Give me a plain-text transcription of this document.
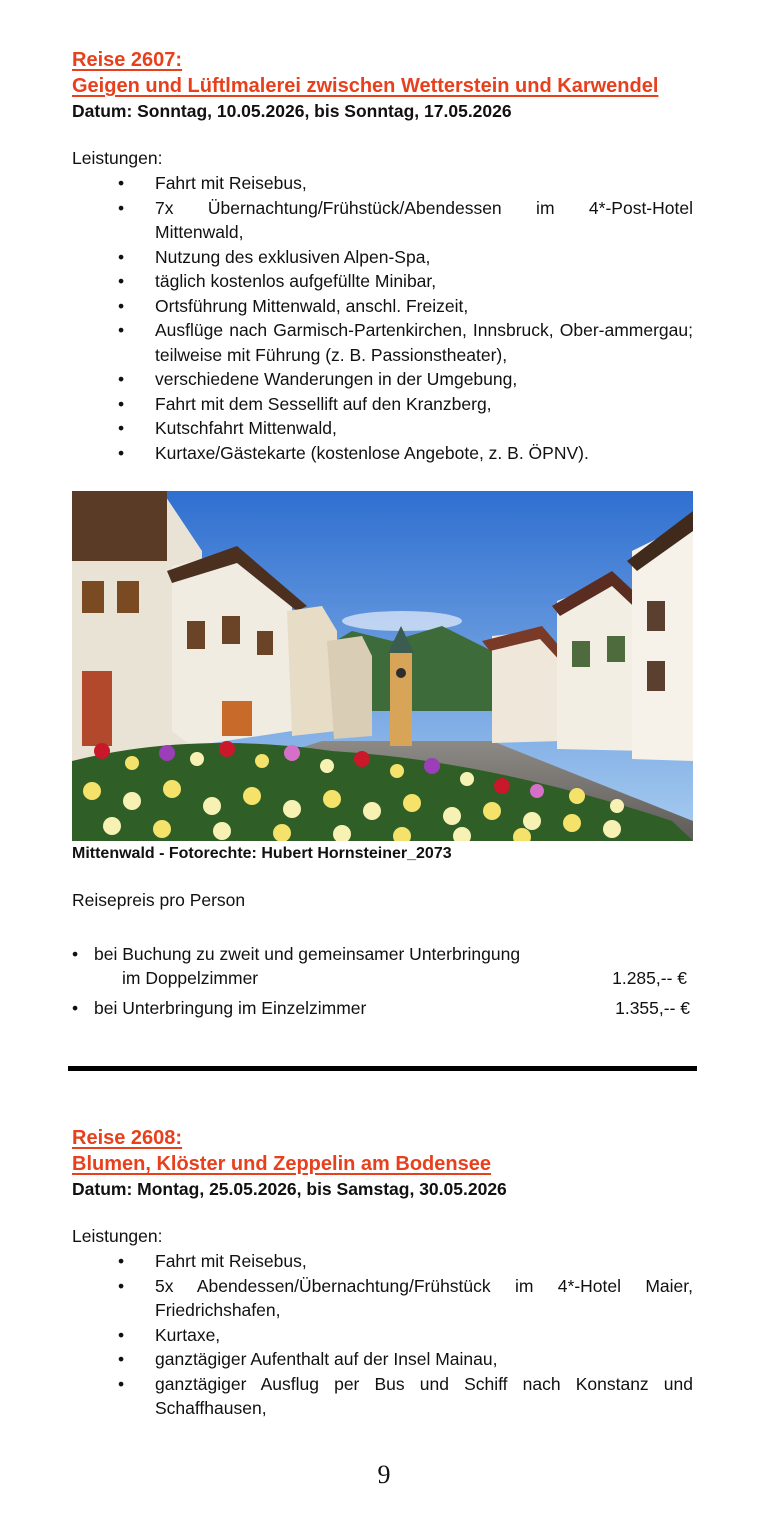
Reise 2607:
Geigen und Lüftlmalerei zwischen Wetterstein und Karwendel
Datum: Sonntag, 10.05.2026, bis Sonntag, 17.05.2026
Leistungen:
• Fahrt mit Reisebus,
• 7x Übernachtung/Frühstück/Abendessen im 4*-Post-Hotel Mittenwald,
• Nutzung des exklusiven Alpen-Spa,
• täglich kostenlos aufgefüllte Minibar,
• Ortsführung Mittenwald, anschl. Freizeit,
• Ausflüge nach Garmisch-Partenkirchen, Innsbruck, Ober-ammergau; teilweise mit Führung (z. B. Passionstheater),
• verschiedene Wanderungen in der Umgebung,
• Fahrt mit dem Sessellift auf den Kranzberg,
• Kutschfahrt Mittenwald,
• Kurtaxe/Gästekarte (kostenlose Angebote, z. B. ÖPNV).
Mittenwald - Fotorechte: Hubert Hornsteiner_2073
Reisepreis pro Person
• bei Buchung zu zweit und gemeinsamer Unterbringung
im Doppelzimmer	1.285,-- €
• bei Unterbringung im Einzelzimmer	1.355,-- €
Reise 2608:
Blumen, Klöster und Zeppelin am Bodensee
Datum: Montag, 25.05.2026, bis Samstag, 30.05.2026
Leistungen:
• Fahrt mit Reisebus,
• 5x Abendessen/Übernachtung/Frühstück im 4*-Hotel Maier, Friedrichshafen,
• Kurtaxe,
• ganztägiger Aufenthalt auf der Insel Mainau,
• ganztägiger Ausflug per Bus und Schiff nach Konstanz und Schaffhausen,
9
